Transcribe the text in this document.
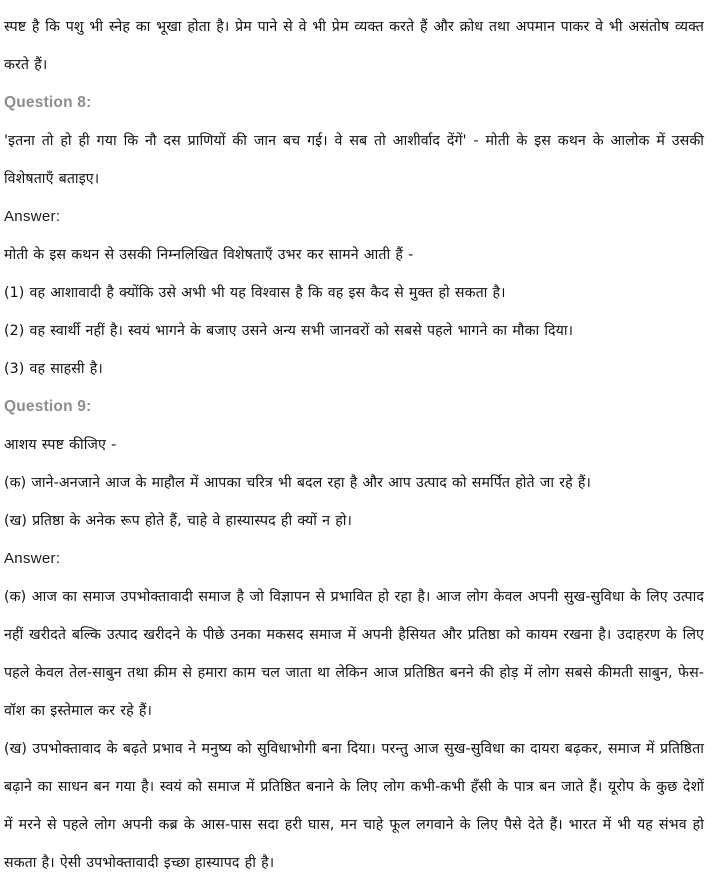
स्पष्ट है कि पशु भी स्नेह का भूखा होता है। प्रेम पाने से वे भी प्रेम व्यक्त करते हैं और क्रोध तथा अपमान पाकर वे भी असंतोष व्यक्त करते हैं।

Question 8:

'इतना तो हो ही गया कि नौ दस प्राणियों की जान बच गई। वे सब तो आशीर्वाद देंगें' - मोती के इस कथन के आलोक में उसकी विशेषताएँ बताइए।

Answer:

मोती के इस कथन से उसकी निम्नलिखित विशेषताएँ उभर कर सामने आती हैं -

(1) वह आशावादी है क्योंकि उसे अभी भी यह विश्वास है कि वह इस कैद से मुक्त हो सकता है।

(2) वह स्वार्थी नहीं है। स्वयं भागने के बजाए उसने अन्य सभी जानवरों को सबसे पहले भागने का मौका दिया।

(3) वह साहसी है।

Question 9:

आशय स्पष्ट कीजिए -

(क) जाने-अनजाने आज के माहौल में आपका चरित्र भी बदल रहा है और आप उत्पाद को समर्पित होते जा रहे हैं।

(ख) प्रतिष्ठा के अनेक रूप होते हैं, चाहे वे हास्यास्पद ही क्यों न हो।

Answer:

(क) आज का समाज उपभोक्तावादी समाज है जो विज्ञापन से प्रभावित हो रहा है। आज लोग केवल अपनी सुख-सुविधा के लिए उत्पाद नहीं खरीदते बल्कि उत्पाद खरीदने के पीछे उनका मकसद समाज में अपनी हैसियत और प्रतिष्ठा को कायम रखना है। उदाहरण के लिए पहले केवल तेल-साबुन तथा क्रीम से हमारा काम चल जाता था लेकिन आज प्रतिष्ठित बनने की होड़ में लोग सबसे कीमती साबुन, फेस-वॉश का इस्तेमाल कर रहे हैं।

(ख) उपभोक्तावाद के बढ़ते प्रभाव ने मनुष्य को सुविधाभोगी बना दिया। परन्तु आज सुख-सुविधा का दायरा बढ़कर, समाज में प्रतिष्ठिता बढ़ाने का साधन बन गया है। स्वयं को समाज में प्रतिष्ठित बनाने के लिए लोग कभी-कभी हँसी के पात्र बन जाते हैं। यूरोप के कुछ देशों में मरने से पहले लोग अपनी कब्र के आस-पास सदा हरी घास, मन चाहे फूल लगवाने के लिए पैसे देते हैं। भारत में भी यह संभव हो सकता है। ऐसी उपभोक्तावादी इच्छा हास्यापद ही है।
